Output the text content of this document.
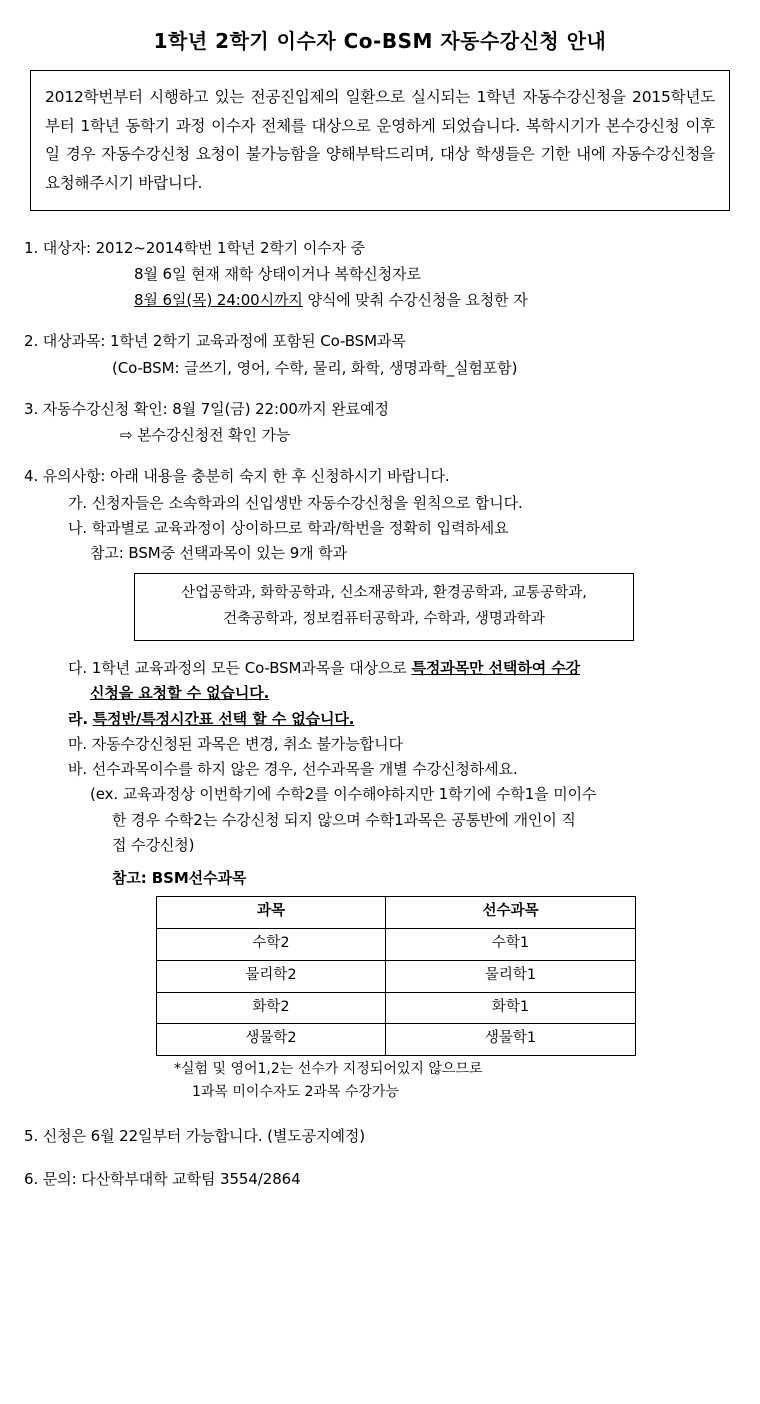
1학년 2학기 이수자 Co-BSM 자동수강신청 안내
2012학번부터 시행하고 있는 전공진입제의 일환으로 실시되는 1학년 자동수강신청을 2015학년도부터 1학년 동학기 과정 이수자 전체를 대상으로 운영하게 되었습니다. 복학시기가 본수강신청 이후일 경우 자동수강신청 요청이 불가능함을 양해부탁드리며, 대상 학생들은 기한 내에 자동수강신청을 요청해주시기 바랍니다.
1. 대상자: 2012~2014학번 1학년 2학기 이수자 중
8월 6일 현재 재학 상태이거나 복학신청자로
8월 6일(목) 24:00시까지 양식에 맞춰 수강신청을 요청한 자
2. 대상과목: 1학년 2학기 교육과정에 포함된 Co-BSM과목
(Co-BSM: 글쓰기, 영어, 수학, 물리, 화학, 생명과학_실험포함)
3. 자동수강신청 확인: 8월 7일(금) 22:00까지 완료예정
⇨ 본수강신청전 확인 가능
4. 유의사항: 아래 내용을 충분히 숙지 한 후 신청하시기 바랍니다.
가. 신청자들은 소속학과의 신입생반 자동수강신청을 원칙으로 합니다.
나. 학과별로 교육과정이 상이하므로 학과/학번을 정확히 입력하세요
참고: BSM중 선택과목이 있는 9개 학과
산업공학과, 화학공학과, 신소재공학과, 환경공학과, 교통공학과,
건축공학과, 정보컴퓨터공학과, 수학과, 생명과학과
다. 1학년 교육과정의 모든 Co-BSM과목을 대상으로 특정과목만 선택하여 수강
신청을 요청할 수 없습니다.
라. 특정반/특정시간표 선택 할 수 없습니다.
마. 자동수강신청된 과목은 변경, 취소 불가능합니다
바. 선수과목이수를 하지 않은 경우, 선수과목을 개별 수강신청하세요.
(ex. 교육과정상 이번학기에 수학2를 이수해야하지만 1학기에 수학1을 미이수
한 경우 수학2는 수강신청 되지 않으며 수학1과목은 공통반에 개인이 직
접 수강신청)
참고: BSM선수과목
과목	선수과목
수학2	수학1
물리학2	물리학1
화학2	화학1
생물학2	생물학1
*실험 및 영어1,2는 선수가 지정되어있지 않으므로
1과목 미이수자도 2과목 수강가능
5. 신청은 6월 22일부터 가능합니다. (별도공지예정)
6. 문의: 다산학부대학 교학팀 3554/2864
